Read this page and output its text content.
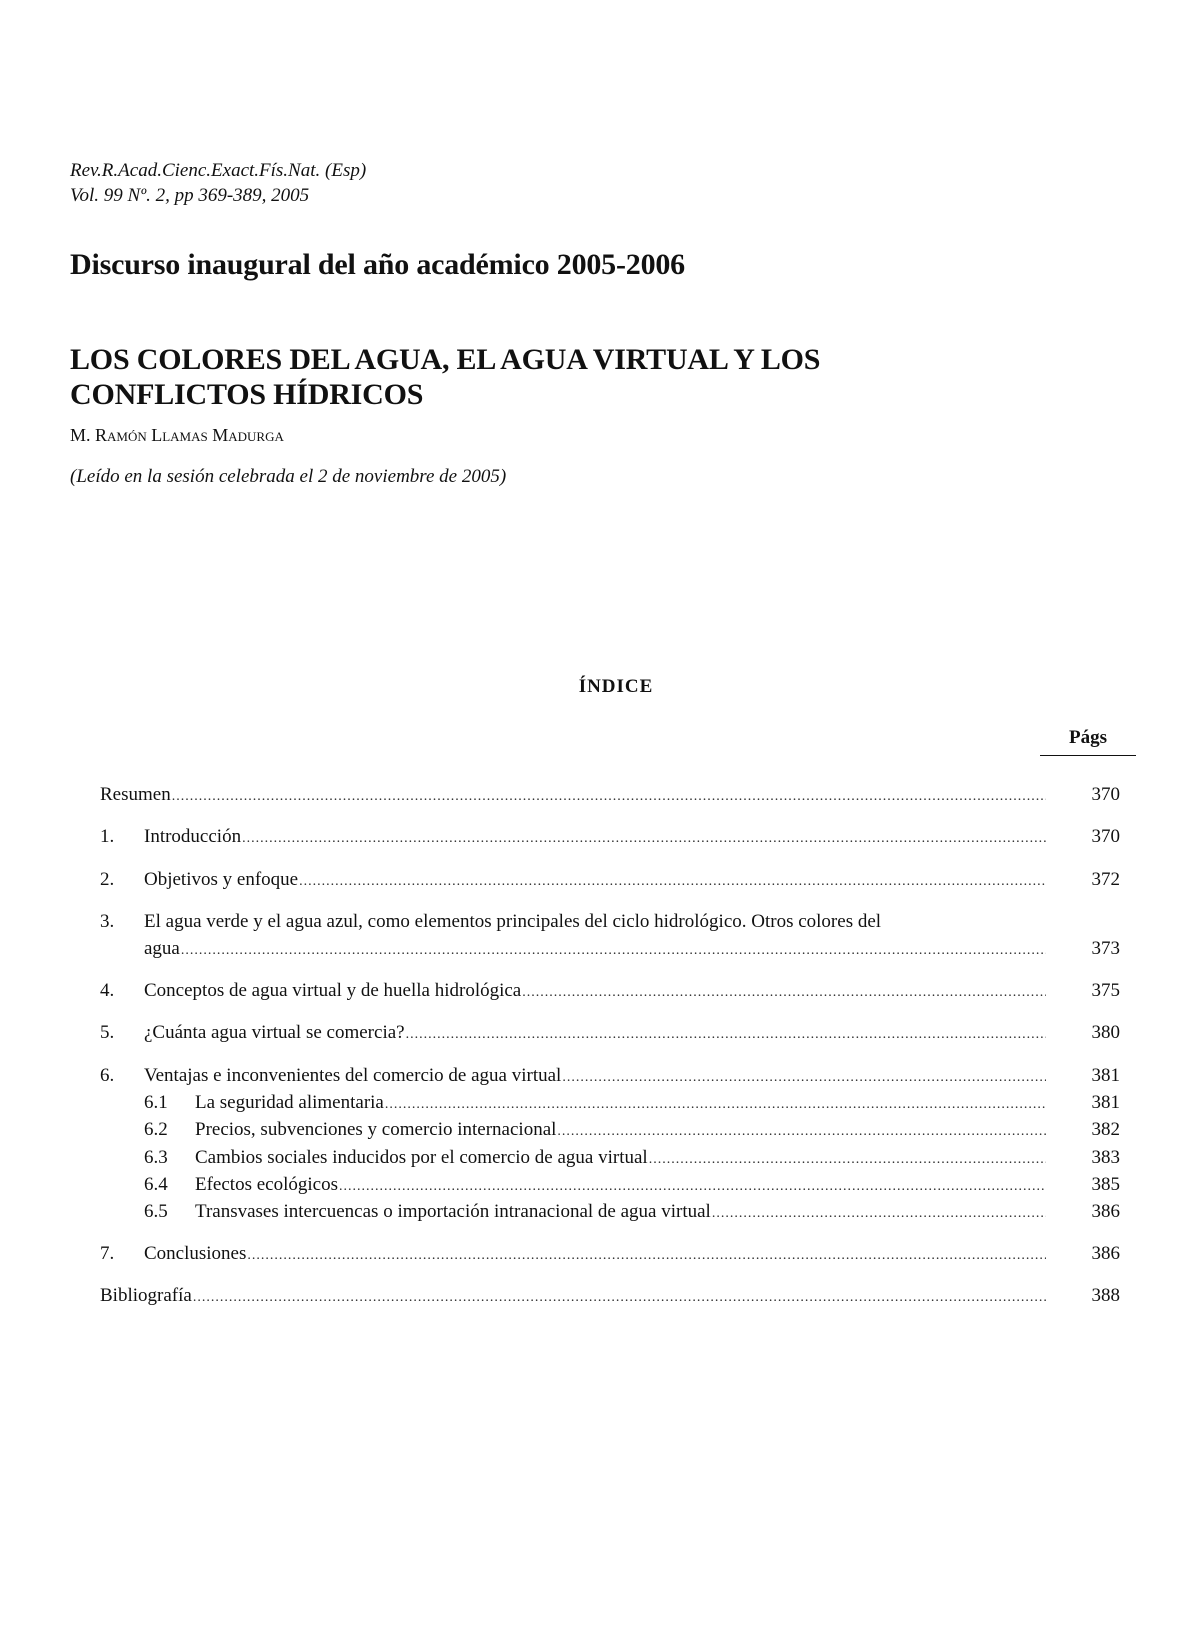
Rev.R.Acad.Cienc.Exact.Fís.Nat. (Esp)
Vol. 99 Nº. 2, pp 369-389, 2005
Discurso inaugural del año académico 2005-2006
LOS COLORES DEL AGUA, EL AGUA VIRTUAL Y LOS
CONFLICTOS HÍDRICOS
M. Ramón Llamas Madurga
(Leído en la sesión celebrada el 2 de noviembre de 2005)
ÍNDICE
Págs
Resumen .....	370
1. Introducción .....	370
2. Objetivos y enfoque .....	372
3. El agua verde y el agua azul, como elementos principales del ciclo hidrológico. Otros colores del
agua .....	373
4. Conceptos de agua virtual y de huella hidrológica .....	375
5. ¿Cuánta agua virtual se comercia? .....	380
6. Ventajas e inconvenientes del comercio de agua virtual .....	381
6.1 La seguridad alimentaria .....	381
6.2 Precios, subvenciones y comercio internacional .....	382
6.3 Cambios sociales inducidos por el comercio de agua virtual .....	383
6.4 Efectos ecológicos .....	385
6.5 Transvases intercuencas o importación intranacional de agua virtual .....	386
7. Conclusiones .....	386
Bibliografía .....	388
